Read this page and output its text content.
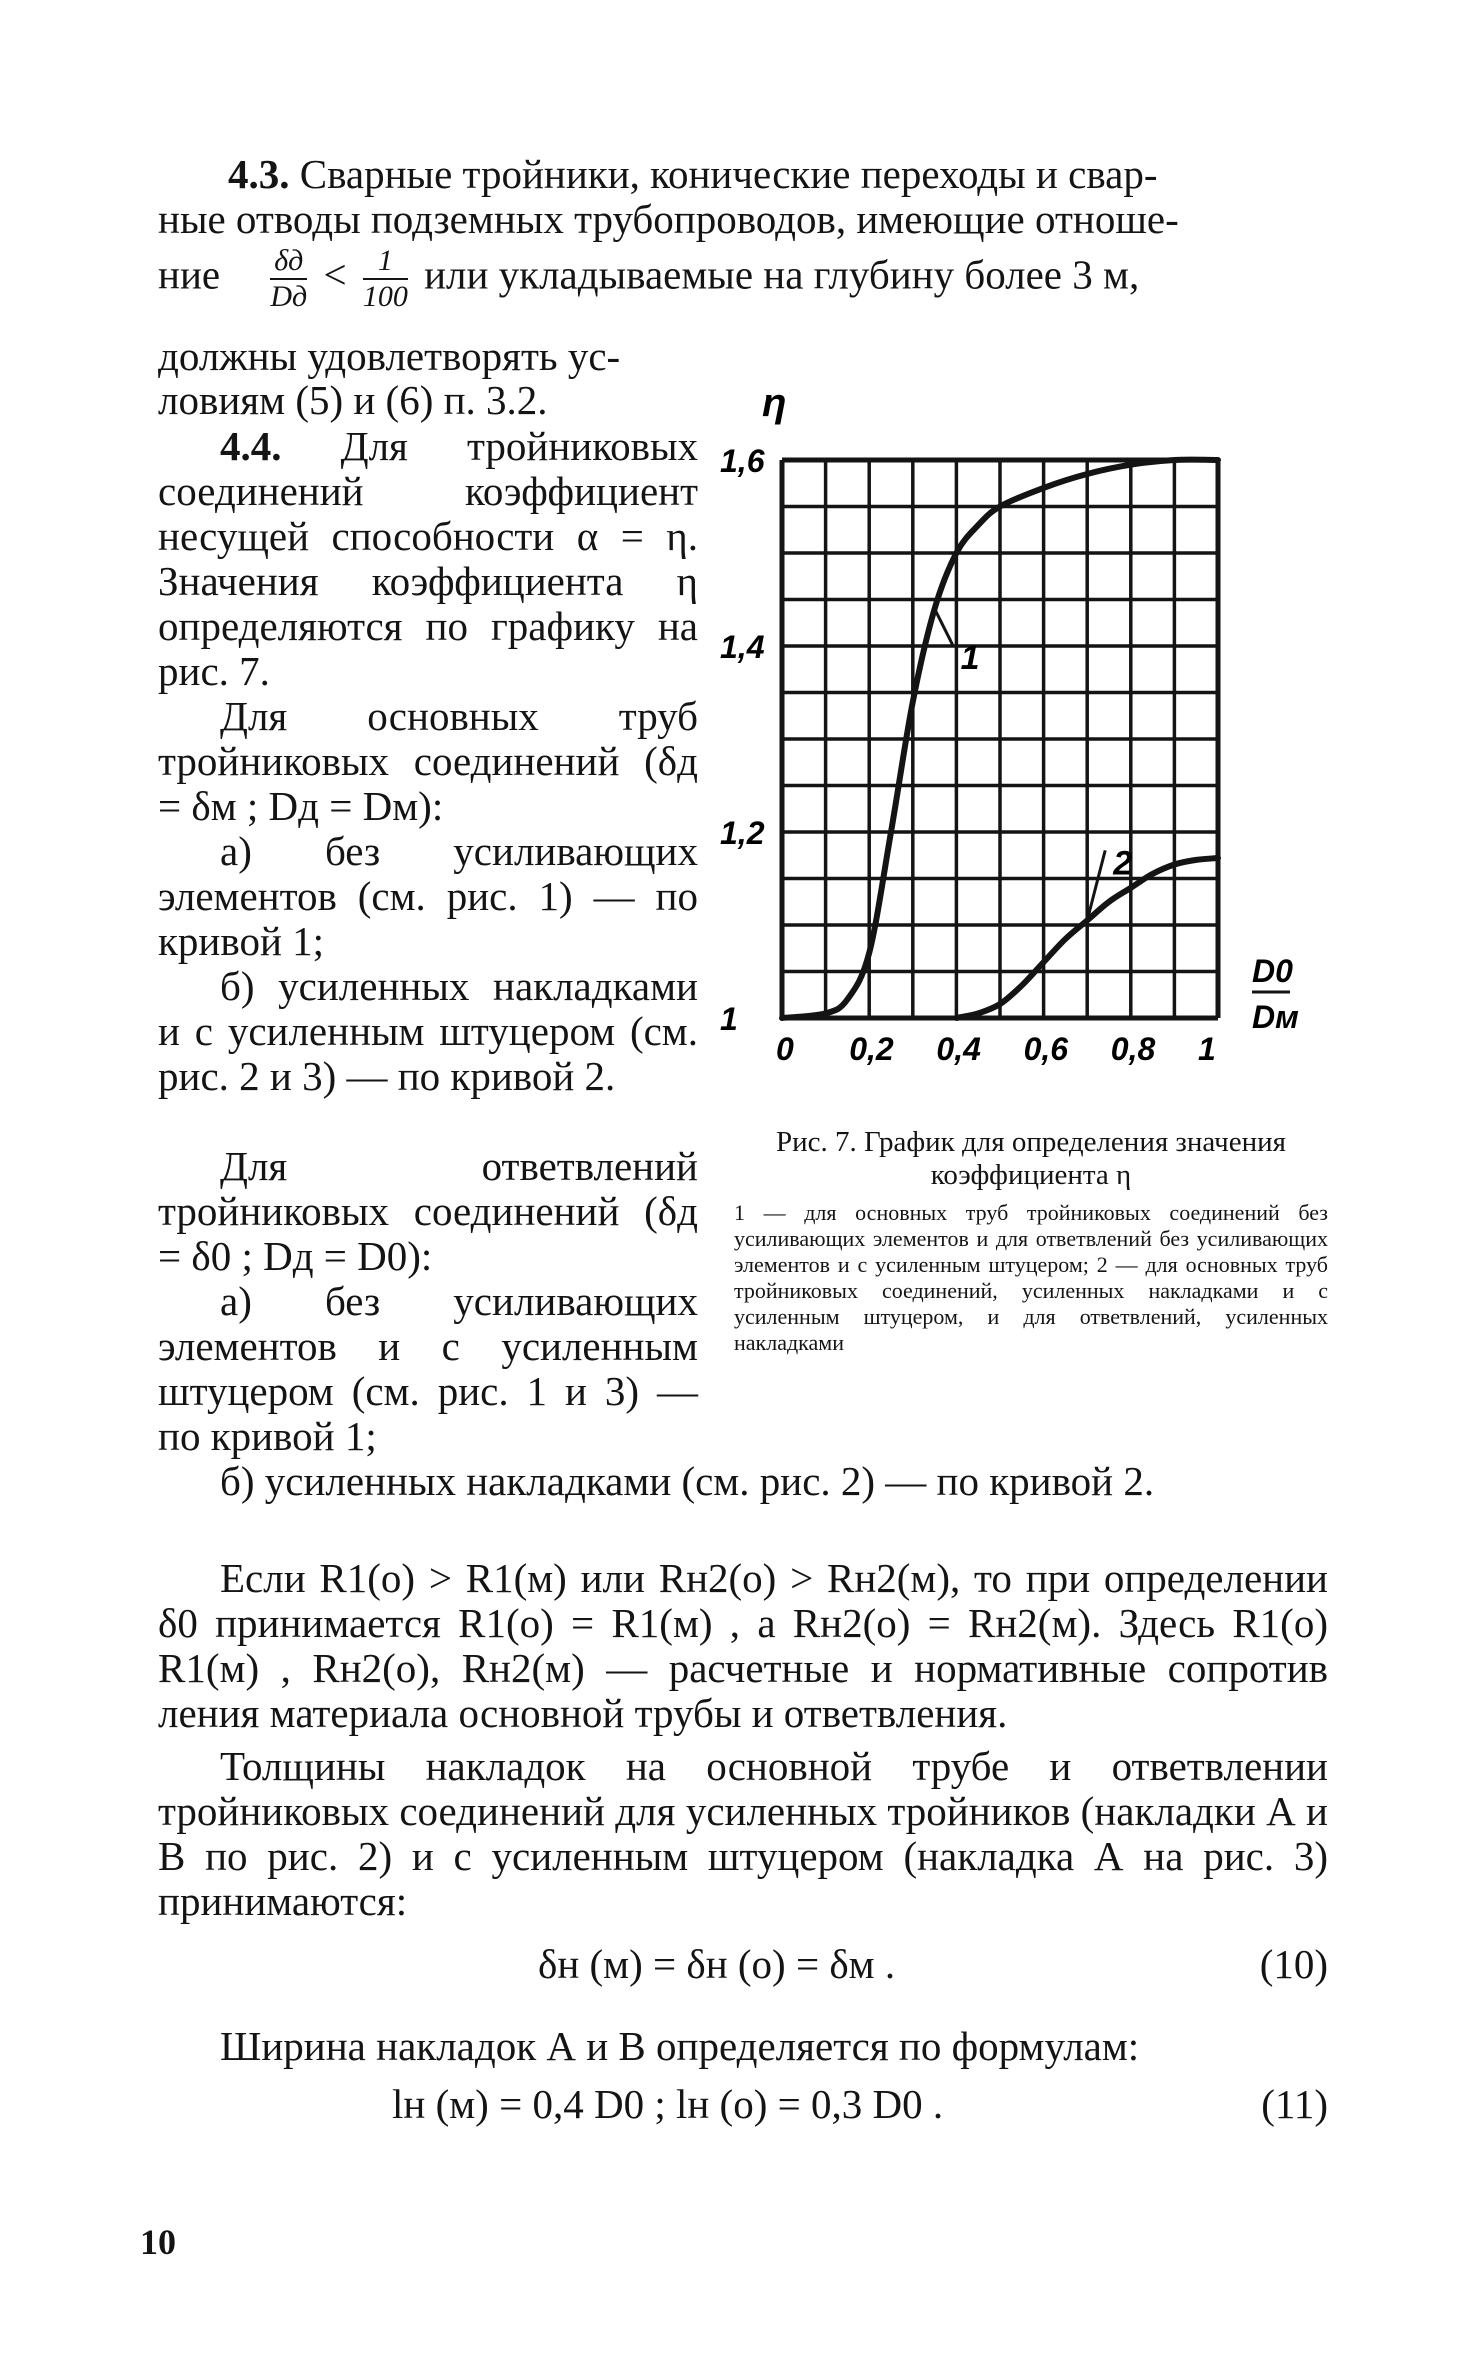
4.3. Сварные тройники, конические переходы и свар-
ные отводы подземных трубопроводов, имеющие отноше-
ние $\frac{\delta д}{Dд} < \frac{1}{100}$ или укладываемые на глубину более 3 м,
должны удовлетворять ус-
ловиям (5) и (6) п. 3.2.
4.4. Для тройниковых соединений коэффициент несущей способности α = η. Значения коэффициента η определяются по графику на рис. 7.
Для основных труб тройниковых соединений (δд = δм ; Dд = Dм):
а) без усиливающих элементов (см. рис. 1) — по кривой 1;
б) усиленных накладками и с усиленным штуцером (см. рис. 2 и 3) — по кривой 2.
Для ответвлений тройниковых соединений (δд = δ0 ; Dд = D0):
а) без усиливающих элементов и с усиленным штуцером (см. рис. 1 и 3) — по кривой 1;
б) усиленных накладками (см. рис. 2) — по кривой 2.
η
0 0,2 0,4 0,6 0,8 1
1
1,2
1,4
1,6
1
2
D0
Dм

Рис. 7. График для определения значения коэффициента η

1 — для основных труб тройниковых соединений без усиливающих элементов и для ответвлений без усиливающих элементов и с усиленным штуцером; 2 — для основных труб тройниковых соединений, усиленных накладками и с усиленным штуцером, и для ответвлений, усиленных накладками

Если R1(о) > R1(м) или Rн2(о) > Rн2(м), то при определении δ0 принимается R1(о) = R1(м) , а Rн2(о) = Rн2(м). Здесь R1(о) R1(м) , Rн2(о), Rн2(м) — расчетные и нормативные сопротив ления материала основной трубы и ответвления.
Толщины накладок на основной трубе и ответвлении тройниковых соединений для усиленных тройников (накладки А и В по рис. 2) и с усиленным штуцером (накладка А на рис. 3) принимаются:
δн (м) = δн (о) = δм .	(10)
Ширина накладок А и В определяется по формулам:
lн (м) = 0,4 D0 ; lн (о) = 0,3 D0 .	(11)
10
